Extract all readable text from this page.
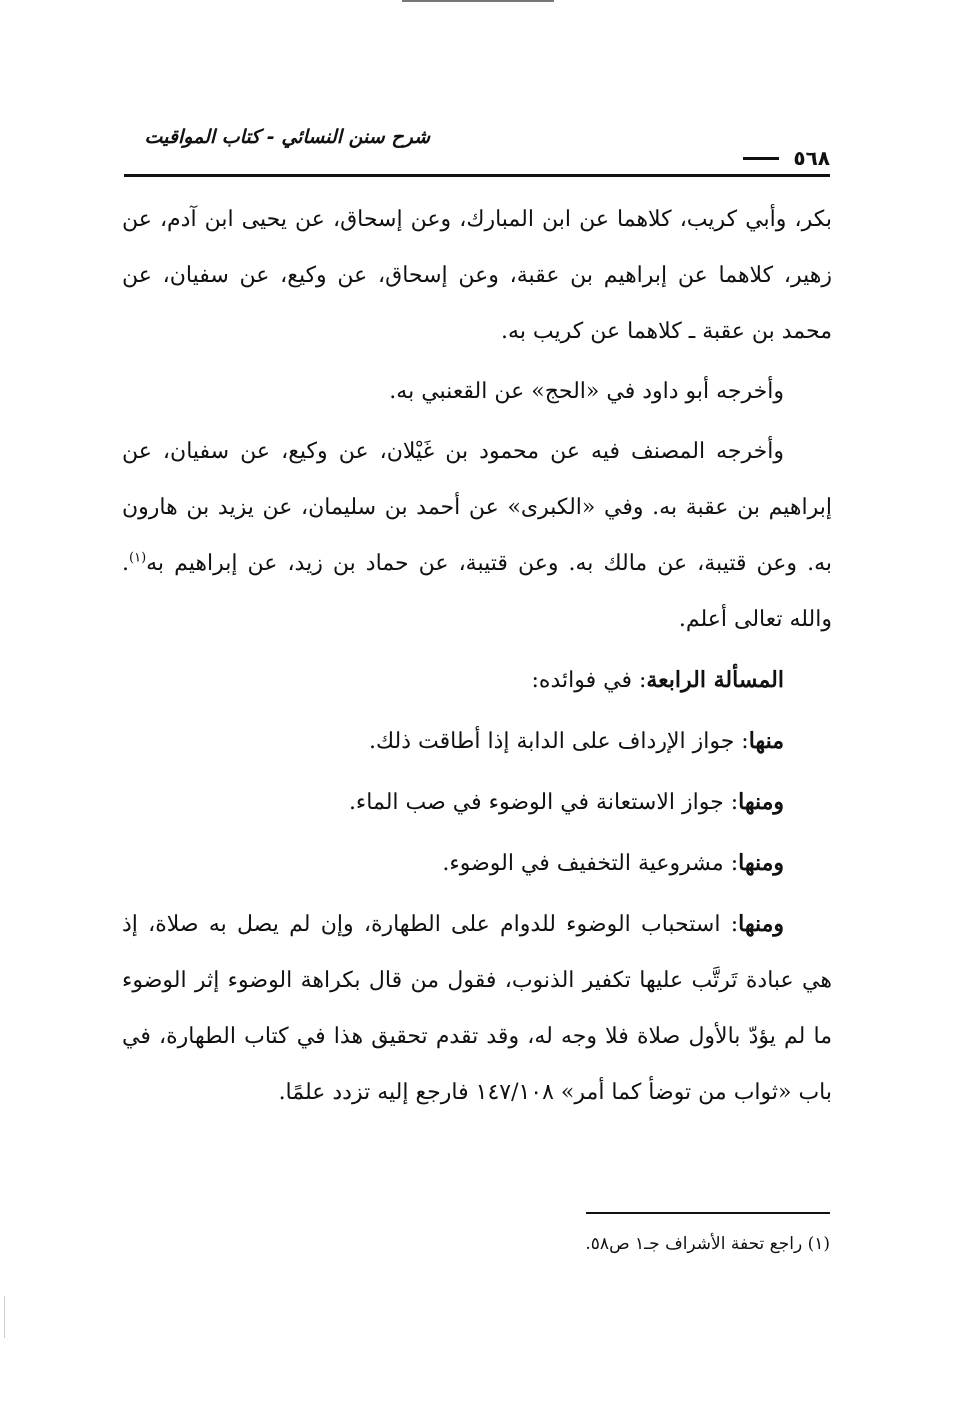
شرح سنن النسائي - كتاب المواقيت
٥٦٨

بكر، وأبي كريب، كلاهما عن ابن المبارك، وعن إسحاق، عن يحيى ابن آدم، عن زهير، كلاهما عن إبراهيم بن عقبة، وعن إسحاق، عن وكيع، عن سفيان، عن محمد بن عقبة ـ كلاهما عن كريب به.

وأخرجه أبو داود في «الحج» عن القعنبي به.

وأخرجه المصنف فيه عن محمود بن غَيْلان، عن وكيع، عن سفيان، عن إبراهيم بن عقبة به. وفي «الكبرى» عن أحمد بن سليمان، عن يزيد بن هارون به. وعن قتيبة، عن مالك به. وعن قتيبة، عن حماد بن زيد، عن إبراهيم به$^{(١)}$. والله تعالى أعلم.

المسألة الرابعة: في فوائده:

منها: جواز الإرداف على الدابة إذا أطاقت ذلك.

ومنها: جواز الاستعانة في الوضوء في صب الماء.

ومنها: مشروعية التخفيف في الوضوء.

ومنها: استحباب الوضوء للدوام على الطهارة، وإن لم يصل به صلاة، إذ هي عبادة تَرتَّب عليها تكفير الذنوب، فقول من قال بكراهة الوضوء إثر الوضوء ما لم يؤدّ بالأول صلاة فلا وجه له، وقد تقدم تحقيق هذا في كتاب الطهارة، في باب «ثواب من توضأ كما أمر» ١٤٧/١٠٨ فارجع إليه تزدد علمًا.

(١) راجع تحفة الأشراف جـ١ ص٥٨.
